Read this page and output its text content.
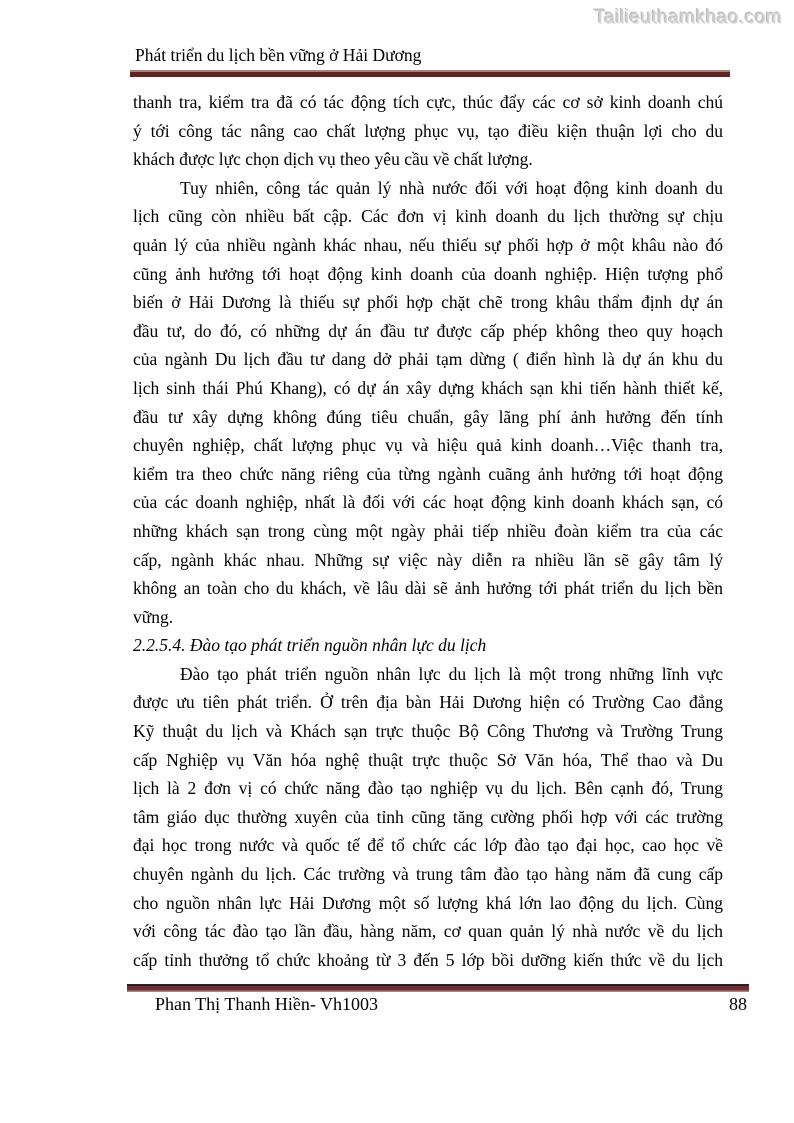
Tailieuthamkhao.com
Phát triển du lịch bền vững ở Hải Dương
thanh tra, kiểm tra đã có tác động tích cực, thúc đẩy các cơ sở kinh doanh chú
ý tới công tác nâng cao chất lượng phục vụ, tạo điều kiện thuận lợi cho du
khách được lực chọn dịch vụ theo yêu cầu về chất lượng.
Tuy nhiên, công tác quản lý nhà nước đối với hoạt động kinh doanh du
lịch cũng còn nhiều bất cập. Các đơn vị kinh doanh du lịch thường sự chịu
quản lý của nhiều ngành khác nhau, nếu thiếu sự phối hợp ở một khâu nào đó
cũng ảnh hưởng tới hoạt động kinh doanh của doanh nghiệp. Hiện tượng phổ
biến ở Hải Dương là thiếu sự phối hợp chặt chẽ trong khâu thẩm định dự án
đầu tư, do đó, có những dự án đầu tư được cấp phép không theo quy hoạch
của ngành Du lịch đầu tư dang dở phải tạm dừng ( điển hình là dự án khu du
lịch sinh thái Phú Khang), có dự án xây dựng khách sạn khi tiến hành thiết kế,
đầu tư xây dựng không đúng tiêu chuẩn, gây lãng phí ảnh hưởng đến tính
chuyên nghiệp, chất lượng phục vụ và hiệu quả kinh doanh…Việc thanh tra,
kiểm tra theo chức năng riêng của từng ngành cuãng ảnh hưởng tới hoạt động
của các doanh nghiệp, nhất là đối với các hoạt động kinh doanh khách sạn, có
những khách sạn trong cùng một ngày phải tiếp nhiều đoàn kiểm tra của các
cấp, ngành khác nhau. Những sự việc này diễn ra nhiều lần sẽ gây tâm lý
không an toàn cho du khách, về lâu dài sẽ ảnh hưởng tới phát triển du lịch bền
vững.
2.2.5.4. Đào tạo phát triển nguồn nhân lực du lịch
Đào tạo phát triển nguồn nhân lực du lịch là một trong những lĩnh vực
được ưu tiên phát triển. Ở trên địa bàn Hải Dương hiện có Trường Cao đẳng
Kỹ thuật du lịch và Khách sạn trực thuộc Bộ Công Thương và Trường Trung
cấp Nghiệp vụ Văn hóa nghệ thuật trực thuộc Sở Văn hóa, Thể thao và Du
lịch là 2 đơn vị có chức năng đào tạo nghiệp vụ du lịch. Bên cạnh đó, Trung
tâm giáo dục thường xuyên của tỉnh cũng tăng cường phối hợp với các trường
đại học trong nước và quốc tế để tổ chức các lớp đào tạo đại học, cao học về
chuyên ngành du lịch. Các trường và trung tâm đào tạo hàng năm đã cung cấp
cho nguồn nhân lực Hải Dương một số lượng khá lớn lao động du lịch. Cùng
với công tác đào tạo lần đầu, hàng năm, cơ quan quản lý nhà nước về du lịch
cấp tỉnh thưởng tổ chức khoảng từ 3 đến 5 lớp bồi dưỡng kiến thức về du lịch
Phan Thị Thanh Hiền- Vh1003	88
